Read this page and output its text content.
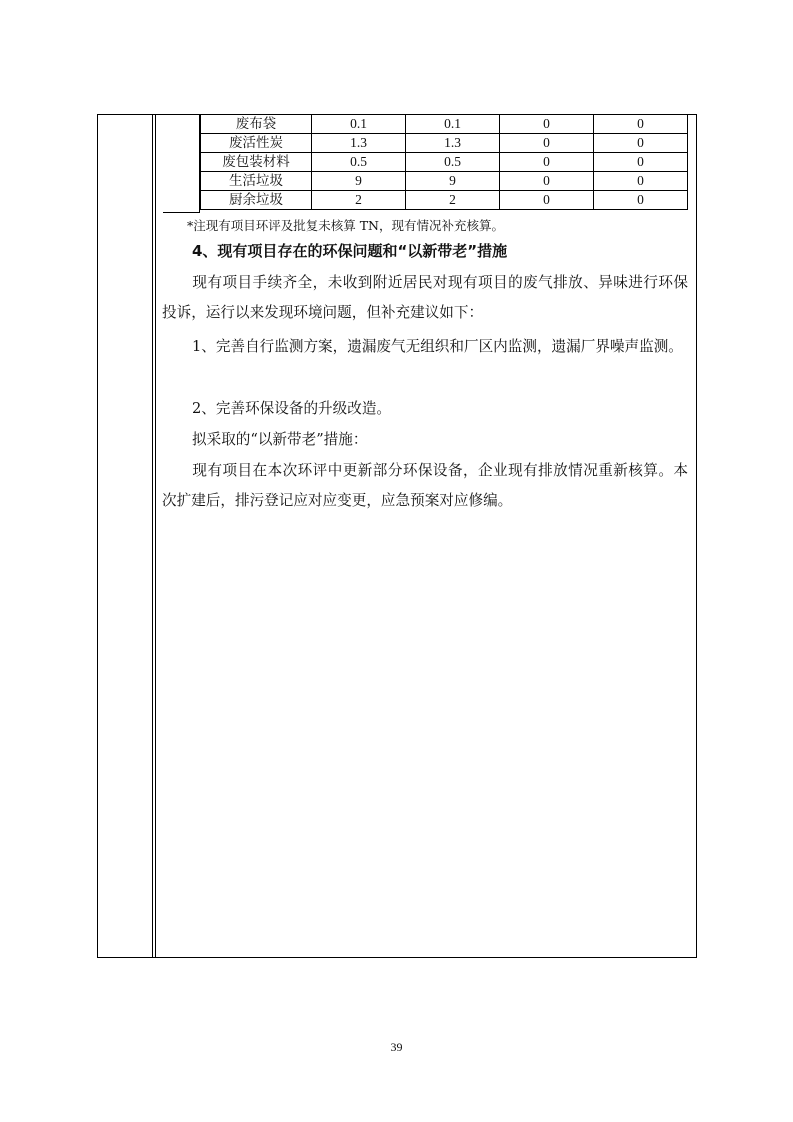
废布袋	0.1	0.1	0	0
废活性炭	1.3	1.3	0	0
废包装材料	0.5	0.5	0	0
生活垃圾	9	9	0	0
厨余垃圾	2	2	0	0
*注现有项目环评及批复未核算 TN，现有情况补充核算。
4、现有项目存在的环保问题和“以新带老”措施
现有项目手续齐全，未收到附近居民对现有项目的废气排放、异味进行环保投诉，运行以来发现环境问题，但补充建议如下：
1、完善自行监测方案，遗漏废气无组织和厂区内监测，遗漏厂界噪声监测。
2、完善环保设备的升级改造。
拟采取的“以新带老”措施：
现有项目在本次环评中更新部分环保设备，企业现有排放情况重新核算。本次扩建后，排污登记应对应变更，应急预案对应修编。
39
